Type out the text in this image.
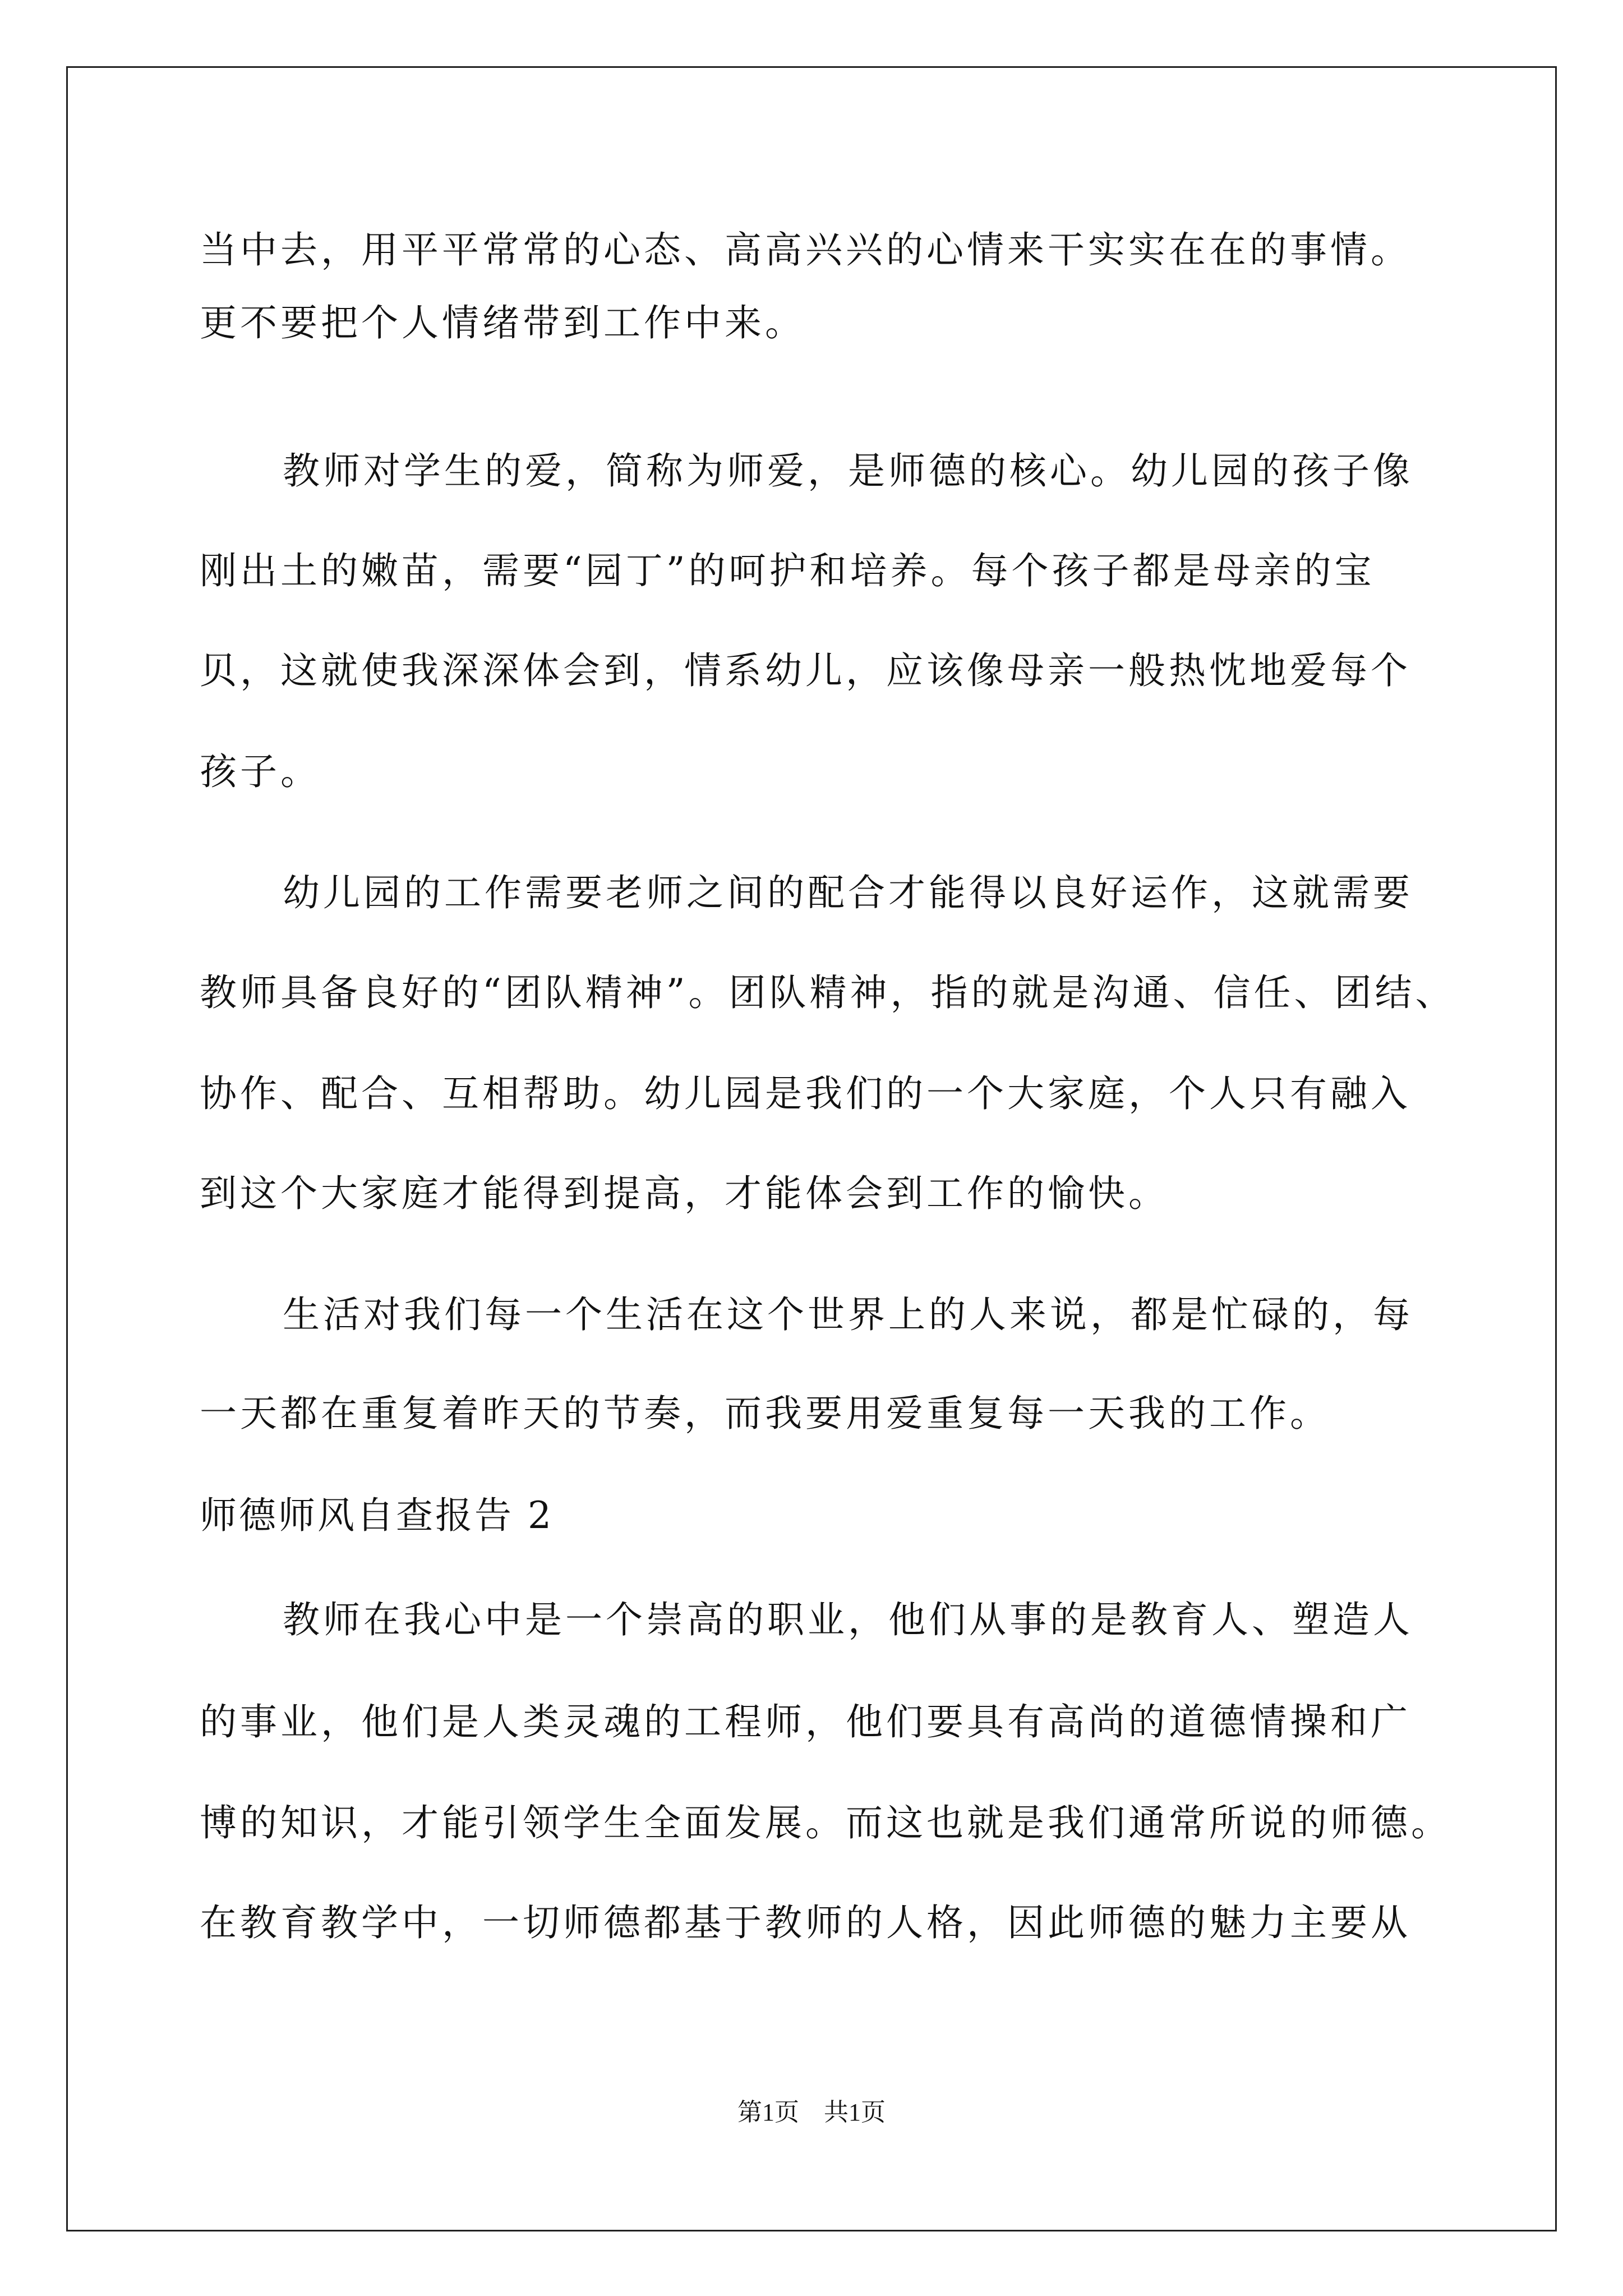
当中去，用平平常常的心态、高高兴兴的心情来干实实在在的事情。
更不要把个人情绪带到工作中来。
教师对学生的爱，简称为师爱，是师德的核心。幼儿园的孩子像
刚出土的嫩苗，需要“园丁”的呵护和培养。每个孩子都是母亲的宝
贝，这就使我深深体会到，情系幼儿，应该像母亲一般热忱地爱每个
孩子。
幼儿园的工作需要老师之间的配合才能得以良好运作，这就需要
教师具备良好的“团队精神”。团队精神，指的就是沟通、信任、团结、
协作、配合、互相帮助。幼儿园是我们的一个大家庭，个人只有融入
到这个大家庭才能得到提高，才能体会到工作的愉快。
生活对我们每一个生活在这个世界上的人来说，都是忙碌的，每
一天都在重复着昨天的节奏，而我要用爱重复每一天我的工作。
师德师风自查报告 2
教师在我心中是一个崇高的职业，他们从事的是教育人、塑造人
的事业，他们是人类灵魂的工程师，他们要具有高尚的道德情操和广
博的知识，才能引领学生全面发展。而这也就是我们通常所说的师德。
在教育教学中，一切师德都基于教师的人格，因此师德的魅力主要从
第1页　共1页
